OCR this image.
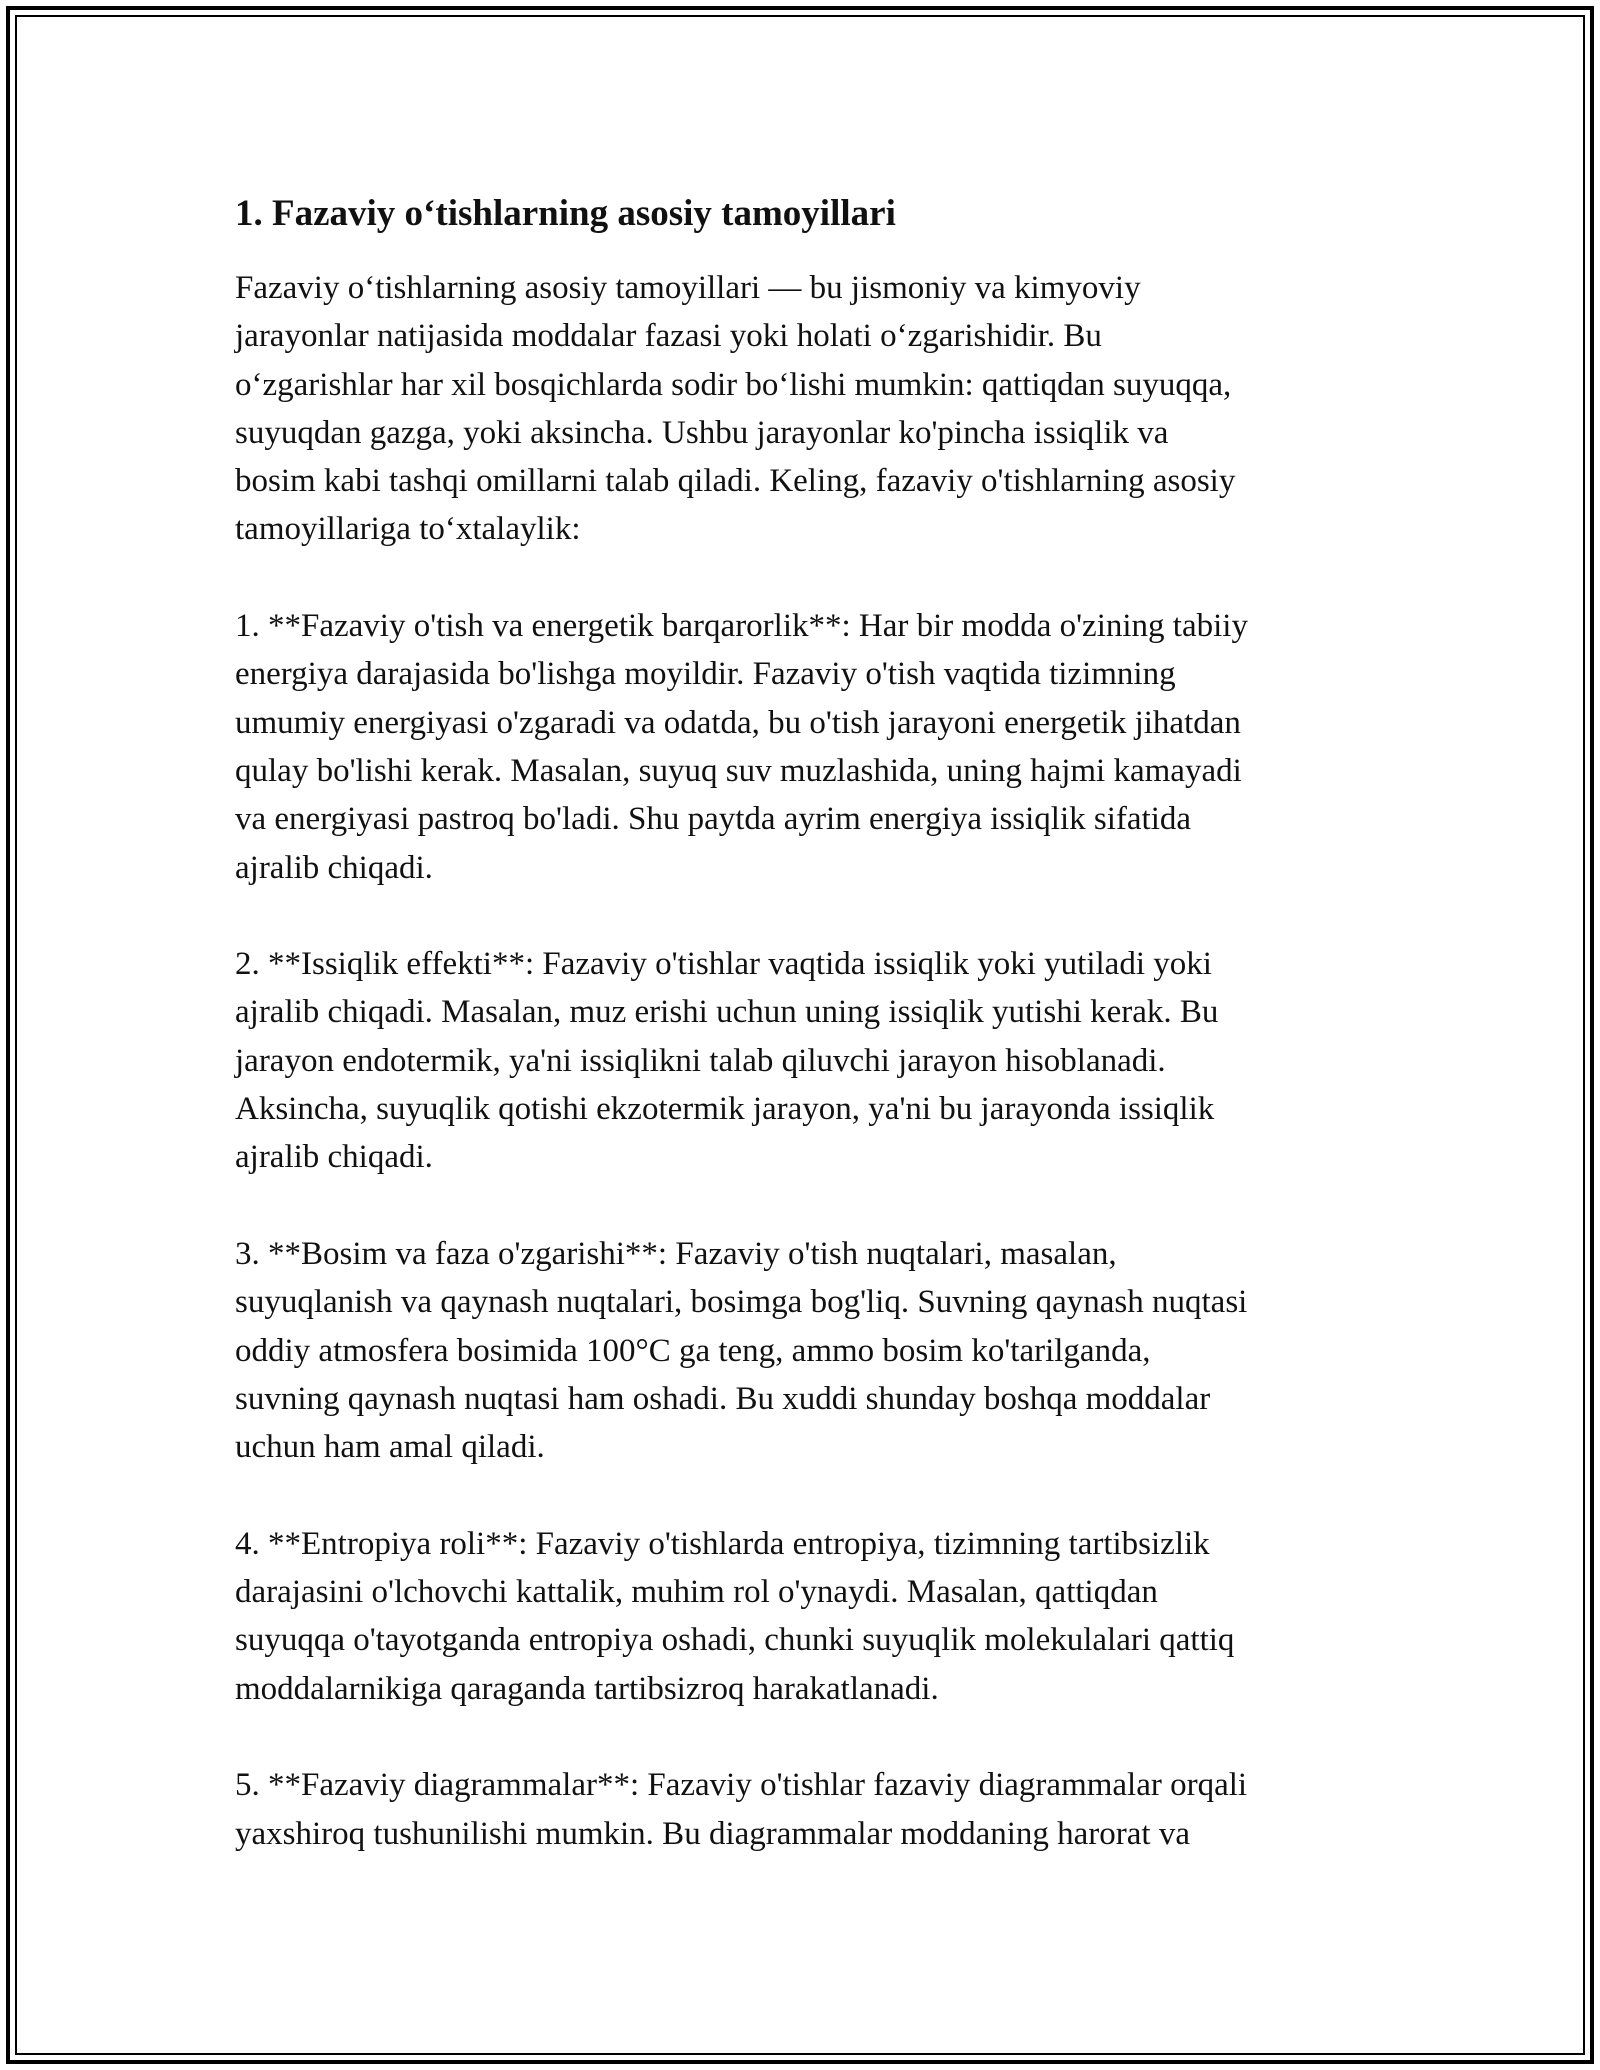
1. Fazaviy o‘tishlarning asosiy tamoyillari
Fazaviy o‘tishlarning asosiy tamoyillari — bu jismoniy va kimyoviy
jarayonlar natijasida moddalar fazasi yoki holati o‘zgarishidir. Bu
o‘zgarishlar har xil bosqichlarda sodir bo‘lishi mumkin: qattiqdan suyuqqa,
suyuqdan gazga, yoki aksincha. Ushbu jarayonlar ko'pincha issiqlik va
bosim kabi tashqi omillarni talab qiladi. Keling, fazaviy o'tishlarning asosiy
tamoyillariga to‘xtalaylik:
1. **Fazaviy o'tish va energetik barqarorlik**: Har bir modda o'zining tabiiy
energiya darajasida bo'lishga moyildir. Fazaviy o'tish vaqtida tizimning
umumiy energiyasi o'zgaradi va odatda, bu o'tish jarayoni energetik jihatdan
qulay bo'lishi kerak. Masalan, suyuq suv muzlashida, uning hajmi kamayadi
va energiyasi pastroq bo'ladi. Shu paytda ayrim energiya issiqlik sifatida
ajralib chiqadi.
2. **Issiqlik effekti**: Fazaviy o'tishlar vaqtida issiqlik yoki yutiladi yoki
ajralib chiqadi. Masalan, muz erishi uchun uning issiqlik yutishi kerak. Bu
jarayon endotermik, ya'ni issiqlikni talab qiluvchi jarayon hisoblanadi.
Aksincha, suyuqlik qotishi ekzotermik jarayon, ya'ni bu jarayonda issiqlik
ajralib chiqadi.
3. **Bosim va faza o'zgarishi**: Fazaviy o'tish nuqtalari, masalan,
suyuqlanish va qaynash nuqtalari, bosimga bog'liq. Suvning qaynash nuqtasi
oddiy atmosfera bosimida 100°C ga teng, ammo bosim ko'tarilganda,
suvning qaynash nuqtasi ham oshadi. Bu xuddi shunday boshqa moddalar
uchun ham amal qiladi.
4. **Entropiya roli**: Fazaviy o'tishlarda entropiya, tizimning tartibsizlik
darajasini o'lchovchi kattalik, muhim rol o'ynaydi. Masalan, qattiqdan
suyuqqa o'tayotganda entropiya oshadi, chunki suyuqlik molekulalari qattiq
moddalarnikiga qaraganda tartibsizroq harakatlanadi.
5. **Fazaviy diagrammalar**: Fazaviy o'tishlar fazaviy diagrammalar orqali
yaxshiroq tushunilishi mumkin. Bu diagrammalar moddaning harorat va
